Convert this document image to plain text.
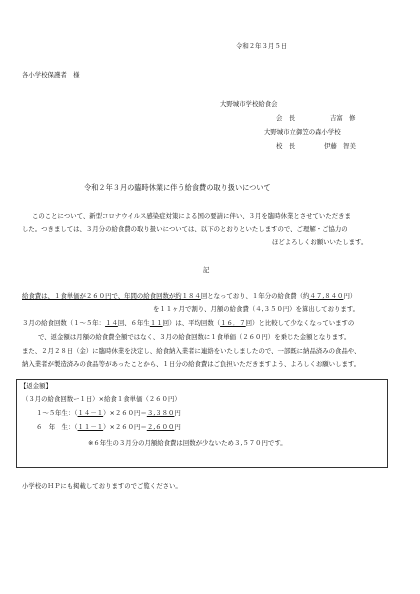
令和２年３月５日
各小学校保護者　様
大野城市学校給食会
会　長	吉富　修
大野城市立御笠の森小学校
校　長	伊藤　智美
令和２年３月の臨時休業に伴う給食費の取り扱いについて
このことについて、新型コロナウイルス感染症対策による国の要請に伴い、３月を臨時休業とさせていただきま
した。つきましては、３月分の給食費の取り扱いについては、以下のとおりといたしますので、ご理解・ご協力の
ほどよろしくお願いいたします。
記
給食費は、１食単価が２６０円で、年間の給食回数が約１８４回となっており、１年分の給食費（約４７,８４０円）
を１１ヶ月で割り、月額の給食費（４,３５０円）を算出しております。
３月の給食回数（１～５年：１４回、６年生１１回）は、平均回数（１６．７回）と比較して少なくなっていますの
で、返金額は月額の給食費全額ではなく、３月の給食回数に１食単価（２６０円）を乗じた金額となります。
また、２月２８日（金）に臨時休業を決定し、給食納入業者に連絡をいたしましたので、一部既に納品済みの食品や、
納入業者が製造済みの食品等があったことから、１日分の給食費はご負担いただきますよう、よろしくお願いします。
【返金額】
（３月の給食回数ー１日）×給食１食単価（２６０円）
１～５年生：（１４－１）×２６０円＝３,３８０円
６　年　生：（１１－１）×２６０円＝２,６００円
※６年生の３月分の月額給食費は回数が少ないため３,５７０円です。
小学校のＨＰにも掲載しておりますのでご覧ください。
